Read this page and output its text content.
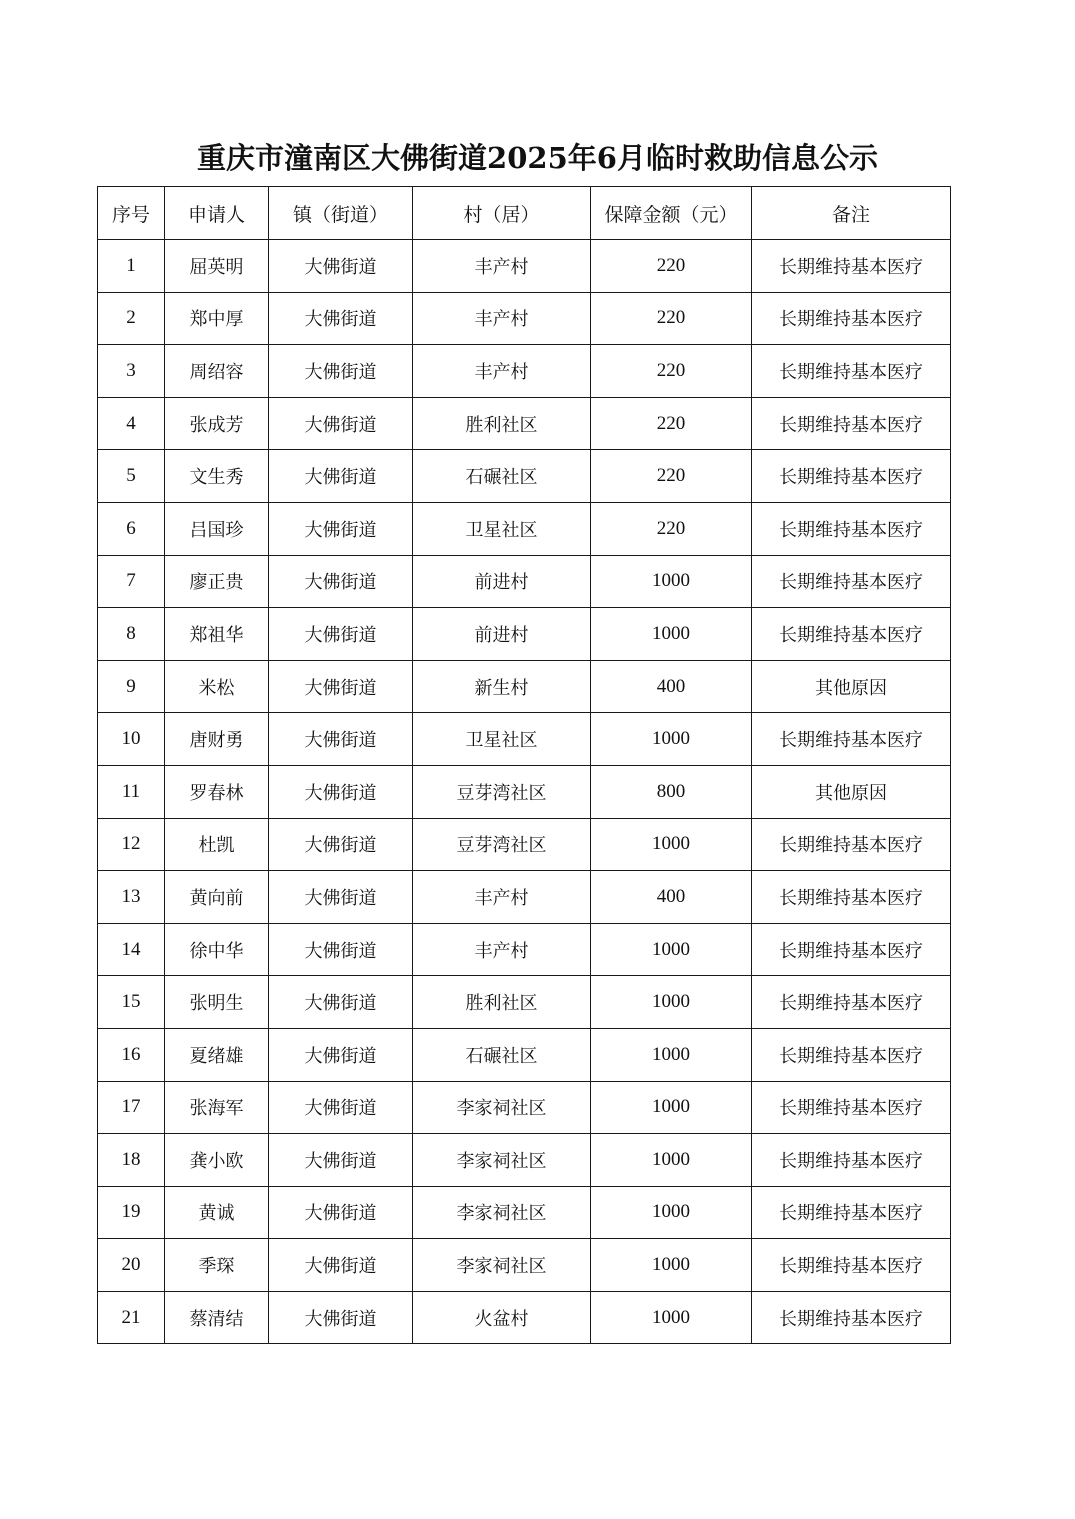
重庆市潼南区大佛街道2025年6月临时救助信息公示
序号	申请人	镇（街道）	村（居）	保障金额（元）	备注
1	屈英明	大佛街道	丰产村	220	长期维持基本医疗
2	郑中厚	大佛街道	丰产村	220	长期维持基本医疗
3	周绍容	大佛街道	丰产村	220	长期维持基本医疗
4	张成芳	大佛街道	胜利社区	220	长期维持基本医疗
5	文生秀	大佛街道	石碾社区	220	长期维持基本医疗
6	吕国珍	大佛街道	卫星社区	220	长期维持基本医疗
7	廖正贵	大佛街道	前进村	1000	长期维持基本医疗
8	郑祖华	大佛街道	前进村	1000	长期维持基本医疗
9	米松	大佛街道	新生村	400	其他原因
10	唐财勇	大佛街道	卫星社区	1000	长期维持基本医疗
11	罗春林	大佛街道	豆芽湾社区	800	其他原因
12	杜凯	大佛街道	豆芽湾社区	1000	长期维持基本医疗
13	黄向前	大佛街道	丰产村	400	长期维持基本医疗
14	徐中华	大佛街道	丰产村	1000	长期维持基本医疗
15	张明生	大佛街道	胜利社区	1000	长期维持基本医疗
16	夏绪雄	大佛街道	石碾社区	1000	长期维持基本医疗
17	张海军	大佛街道	李家祠社区	1000	长期维持基本医疗
18	龚小欧	大佛街道	李家祠社区	1000	长期维持基本医疗
19	黄诚	大佛街道	李家祠社区	1000	长期维持基本医疗
20	季琛	大佛街道	李家祠社区	1000	长期维持基本医疗
21	蔡清结	大佛街道	火盆村	1000	长期维持基本医疗
